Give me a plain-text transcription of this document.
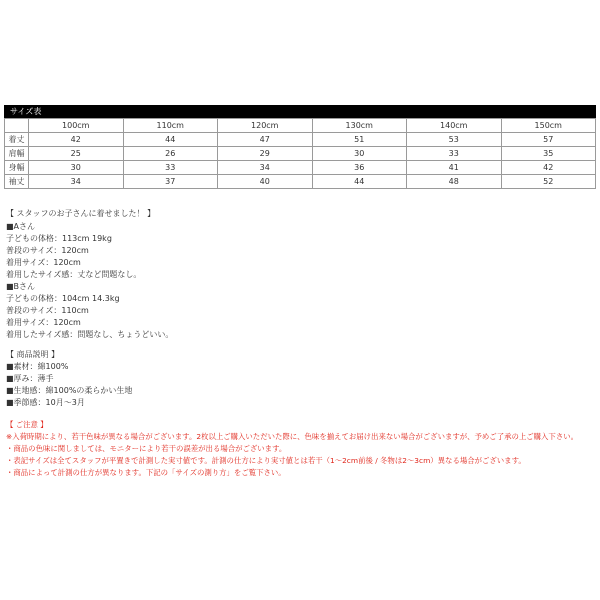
サイズ表
	100cm	110cm	120cm	130cm	140cm	150cm
着丈	42	44	47	51	53	57
肩幅	25	26	29	30	33	35
身幅	30	33	34	36	41	42
袖丈	34	37	40	44	48	52
【 スタッフのお子さんに着せました！ 】
■Aさん
子どもの体格：113cm 19kg
普段のサイズ：120cm
着用サイズ：120cm
着用したサイズ感：丈など問題なし。
■Bさん
子どもの体格：104cm 14.3kg
普段のサイズ：110cm
着用サイズ：120cm
着用したサイズ感：問題なし、ちょうどいい。
【 商品説明 】
■素材：綿100%
■厚み：薄手
■生地感：綿100%の柔らかい生地
■季節感：10月～3月
【 ご注意 】
※入荷時期により、若干色味が異なる場合がございます。2枚以上ご購入いただいた際に、色味を揃えてお届け出来ない場合がございますが、予めご了承の上ご購入下さい。
・商品の色味に関しましては、モニターにより若干の誤差が出る場合がございます。
・表記サイズは全てスタッフが平置きで計測した実寸値です。計測の仕方により実寸値とは若干（1～2cm前後 / 冬物は2～3cm）異なる場合がございます。
・商品によって計測の仕方が異なります。下記の「サイズの測り方」をご覧下さい。
